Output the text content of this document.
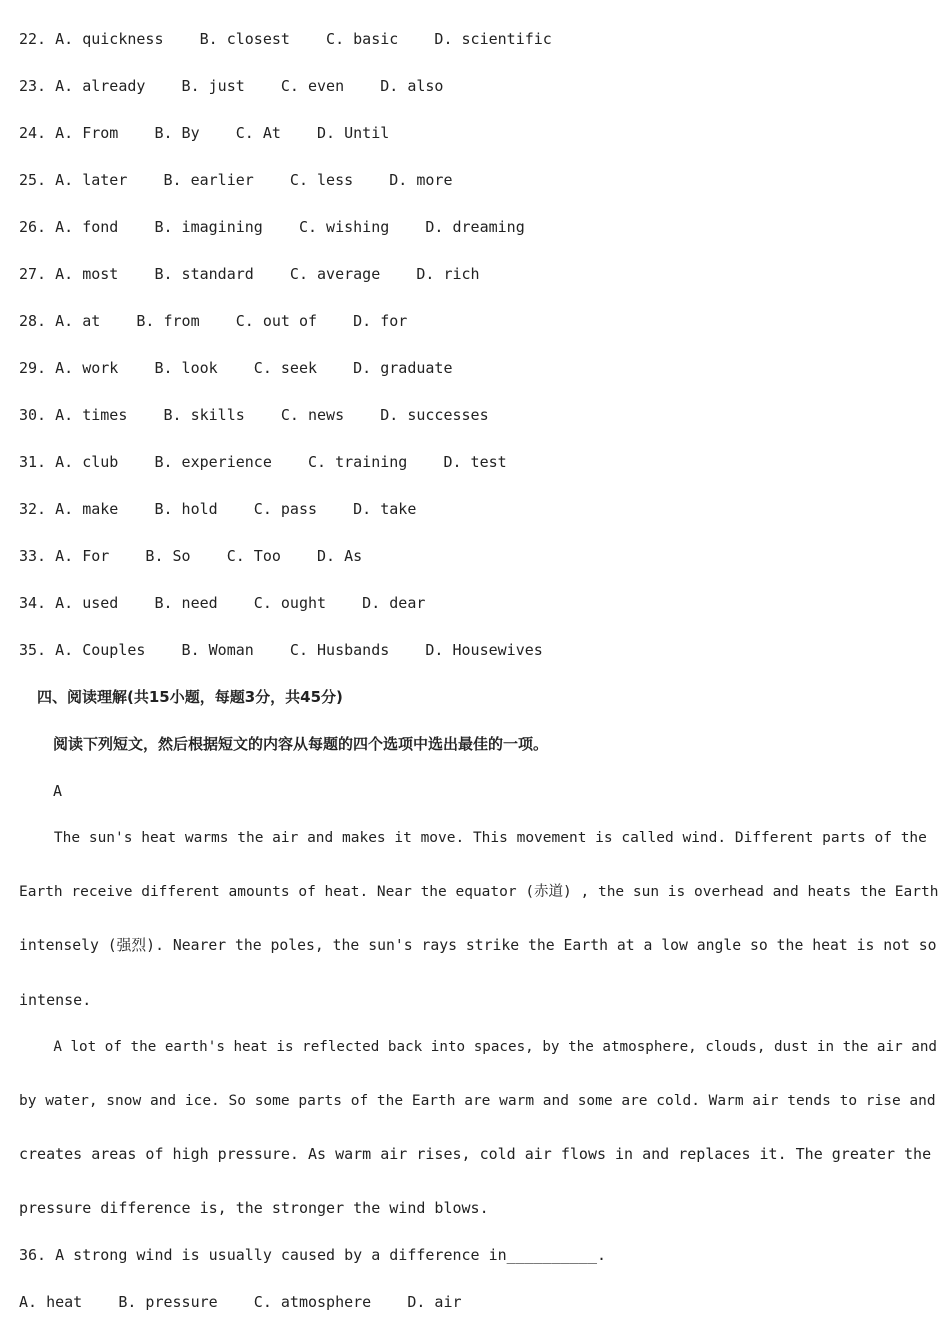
22. A. quickness    B. closest    C. basic    D. scientific
23. A. already    B. just    C. even    D. also
24. A. From    B. By    C. At    D. Until
25. A. later    B. earlier    C. less    D. more
26. A. fond    B. imagining    C. wishing    D. dreaming
27. A. most    B. standard    C. average    D. rich
28. A. at    B. from    C. out of    D. for
29. A. work    B. look    C. seek    D. graduate
30. A. times    B. skills    C. news    D. successes
31. A. club    B. experience    C. training    D. test
32. A. make    B. hold    C. pass    D. take
33. A. For    B. So    C. Too    D. As
34. A. used    B. need    C. ought    D. dear
35. A. Couples    B. Woman    C. Husbands    D. Housewives
四、阅读理解(共15小题，每题3分，共45分)
阅读下列短文，然后根据短文的内容从每题的四个选项中选出最佳的一项。
A
The sun's heat warms the air and makes it move. This movement is called wind. Different parts of the
Earth receive different amounts of heat. Near the equator (赤道) , the sun is overhead and heats the Earth
intensely (强烈). Nearer the poles, the sun's rays strike the Earth at a low angle so the heat is not so
intense.
A lot of the earth's heat is reflected back into spaces, by the atmosphere, clouds, dust in the air and
by water, snow and ice. So some parts of the Earth are warm and some are cold. Warm air tends to rise and
creates areas of high pressure. As warm air rises, cold air flows in and replaces it. The greater the
pressure difference is, the stronger the wind blows.
36. A strong wind is usually caused by a difference in__________.
A. heat    B. pressure    C. atmosphere    D. air
